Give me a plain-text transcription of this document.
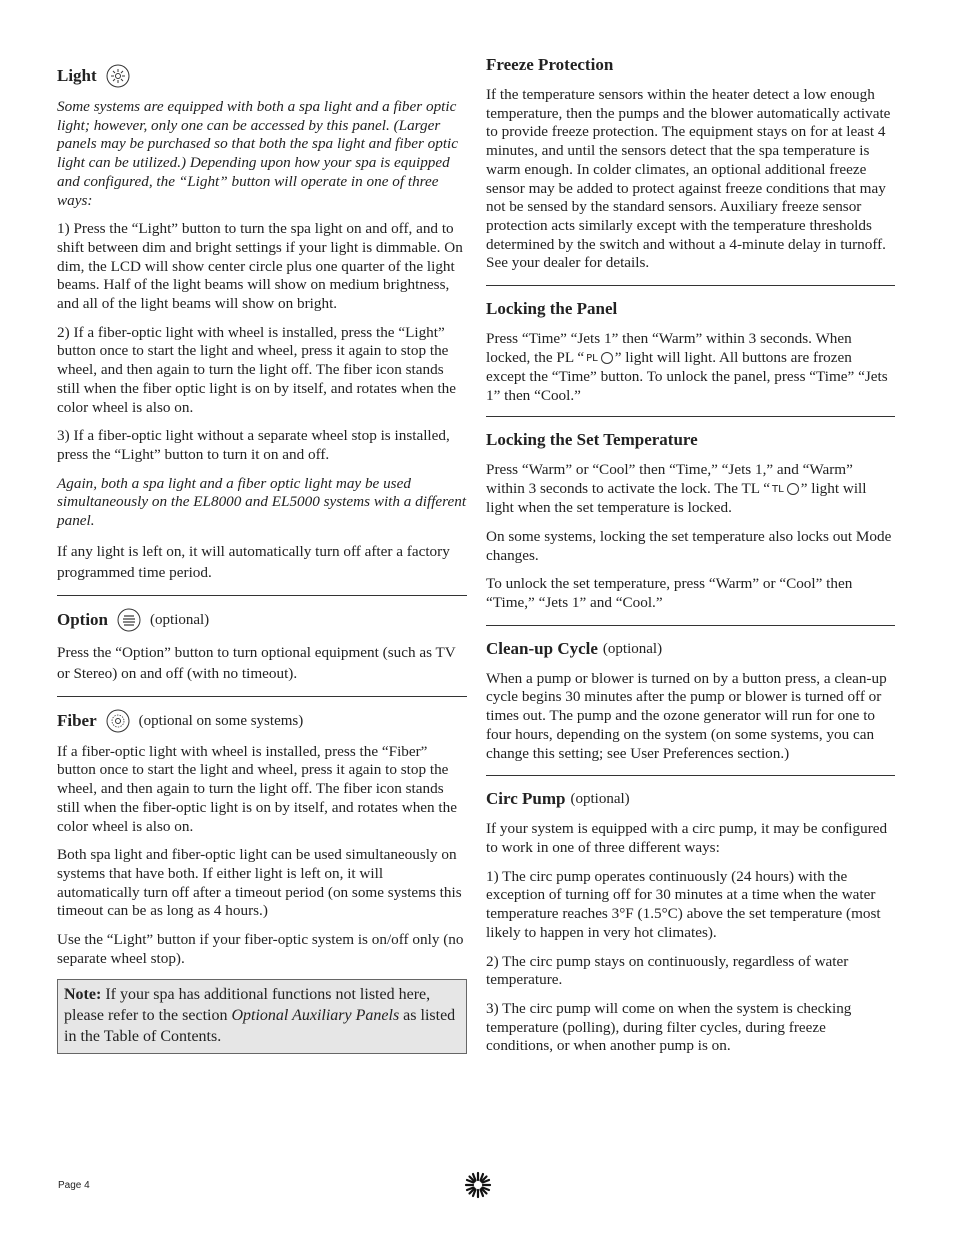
Light

Some systems are equipped with both a spa light and a fiber optic light; however, only one can be accessed by this panel. (Larger panels may be purchased so that both the spa light and fiber optic light can be utilized.) Depending upon how your spa is equipped and configured, the “Light” button will operate in one of three ways:

1) Press the “Light” button to turn the spa light on and off, and to shift between dim and bright settings if your light is dimmable. On dim, the LCD will show center circle plus one quarter of the light beams. Half of the light beams will show on medium brightness, and all of the light beams will show on bright.

2) If a fiber-optic light with wheel is installed, press the “Light” button once to start the light and wheel, press it again to stop the wheel, and then again to turn the light off. The fiber icon stands still when the fiber optic light is on by itself, and rotates when the color wheel is also on.

3) If a fiber-optic light without a separate wheel stop is installed, press the “Light” button to turn it on and off.

Again, both a spa light and a fiber optic light may be used simultaneously on the EL8000 and EL5000 systems with a different panel.

If any light is left on, it will automatically turn off after a factory programmed time period.

Option	(optional)

Press the “Option” button to turn optional equipment (such as TV or Stereo) on and off (with no timeout).

Fiber	(optional on some systems)

If a fiber-optic light with wheel is installed, press the “Fiber” button once to start the light and wheel, press it again to stop the wheel, and then again to turn the light off. The fiber icon stands still when the fiber-optic light is on by itself, and rotates when the color wheel is also on.

Both spa light and fiber-optic light can be used simultaneously on systems that have both. If either light is left on, it will automatically turn off after a timeout period (on some systems this timeout can be as long as 4 hours.)

Use the “Light” button if your fiber-optic system is on/off only (no separate wheel stop).

Note: If your spa has additional functions not listed here, please refer to the section Optional Auxiliary Panels as listed in the Table of Contents.
Freeze Protection

If the temperature sensors within the heater detect a low enough temperature, then the pumps and the blower automatically activate to provide freeze protection. The equipment stays on for at least 4 minutes, and until the sensors detect that the spa temperature is warm enough. In colder climates, an optional additional freeze sensor may be added to protect against freeze conditions that may not be sensed by the standard sensors. Auxiliary freeze sensor protection acts similarly except with the temperature thresholds determined by the switch and without a 4-minute delay in turnoff. See your dealer for details.

Locking the Panel

Press “Time” “Jets 1” then “Warm” within 3 seconds. When locked, the PL “ PL ” light will light. All buttons are frozen except the “Time” button. To unlock the panel, press “Time” “Jets 1” then “Cool.”

Locking the Set Temperature

Press “Warm” or “Cool” then “Time,” “Jets 1,” and “Warm” within 3 seconds to activate the lock. The TL “ TL ” light will light when the set temperature is locked.

On some systems, locking the set temperature also locks out Mode changes.

To unlock the set temperature, press “Warm” or “Cool” then “Time,” “Jets 1” and “Cool.”

Clean-up Cycle (optional)

When a pump or blower is turned on by a button press, a clean-up cycle begins 30 minutes after the pump or blower is turned off or times out. The pump and the ozone generator will run for one to four hours, depending on the system (on some systems, you can change this setting; see User Preferences section.)

Circ Pump (optional)

If your system is equipped with a circ pump, it may be configured to work in one of three different ways:

1) The circ pump operates continuously (24 hours) with the exception of turning off for 30 minutes at a time when the water temperature reaches 3°F (1.5°C) above the set temperature (most likely to happen in very hot climates).

2) The circ pump stays on continuously, regardless of water temperature.

3) The circ pump will come on when the system is checking temperature (polling), during filter cycles, during freeze conditions, or when another pump is on.

Page 4
